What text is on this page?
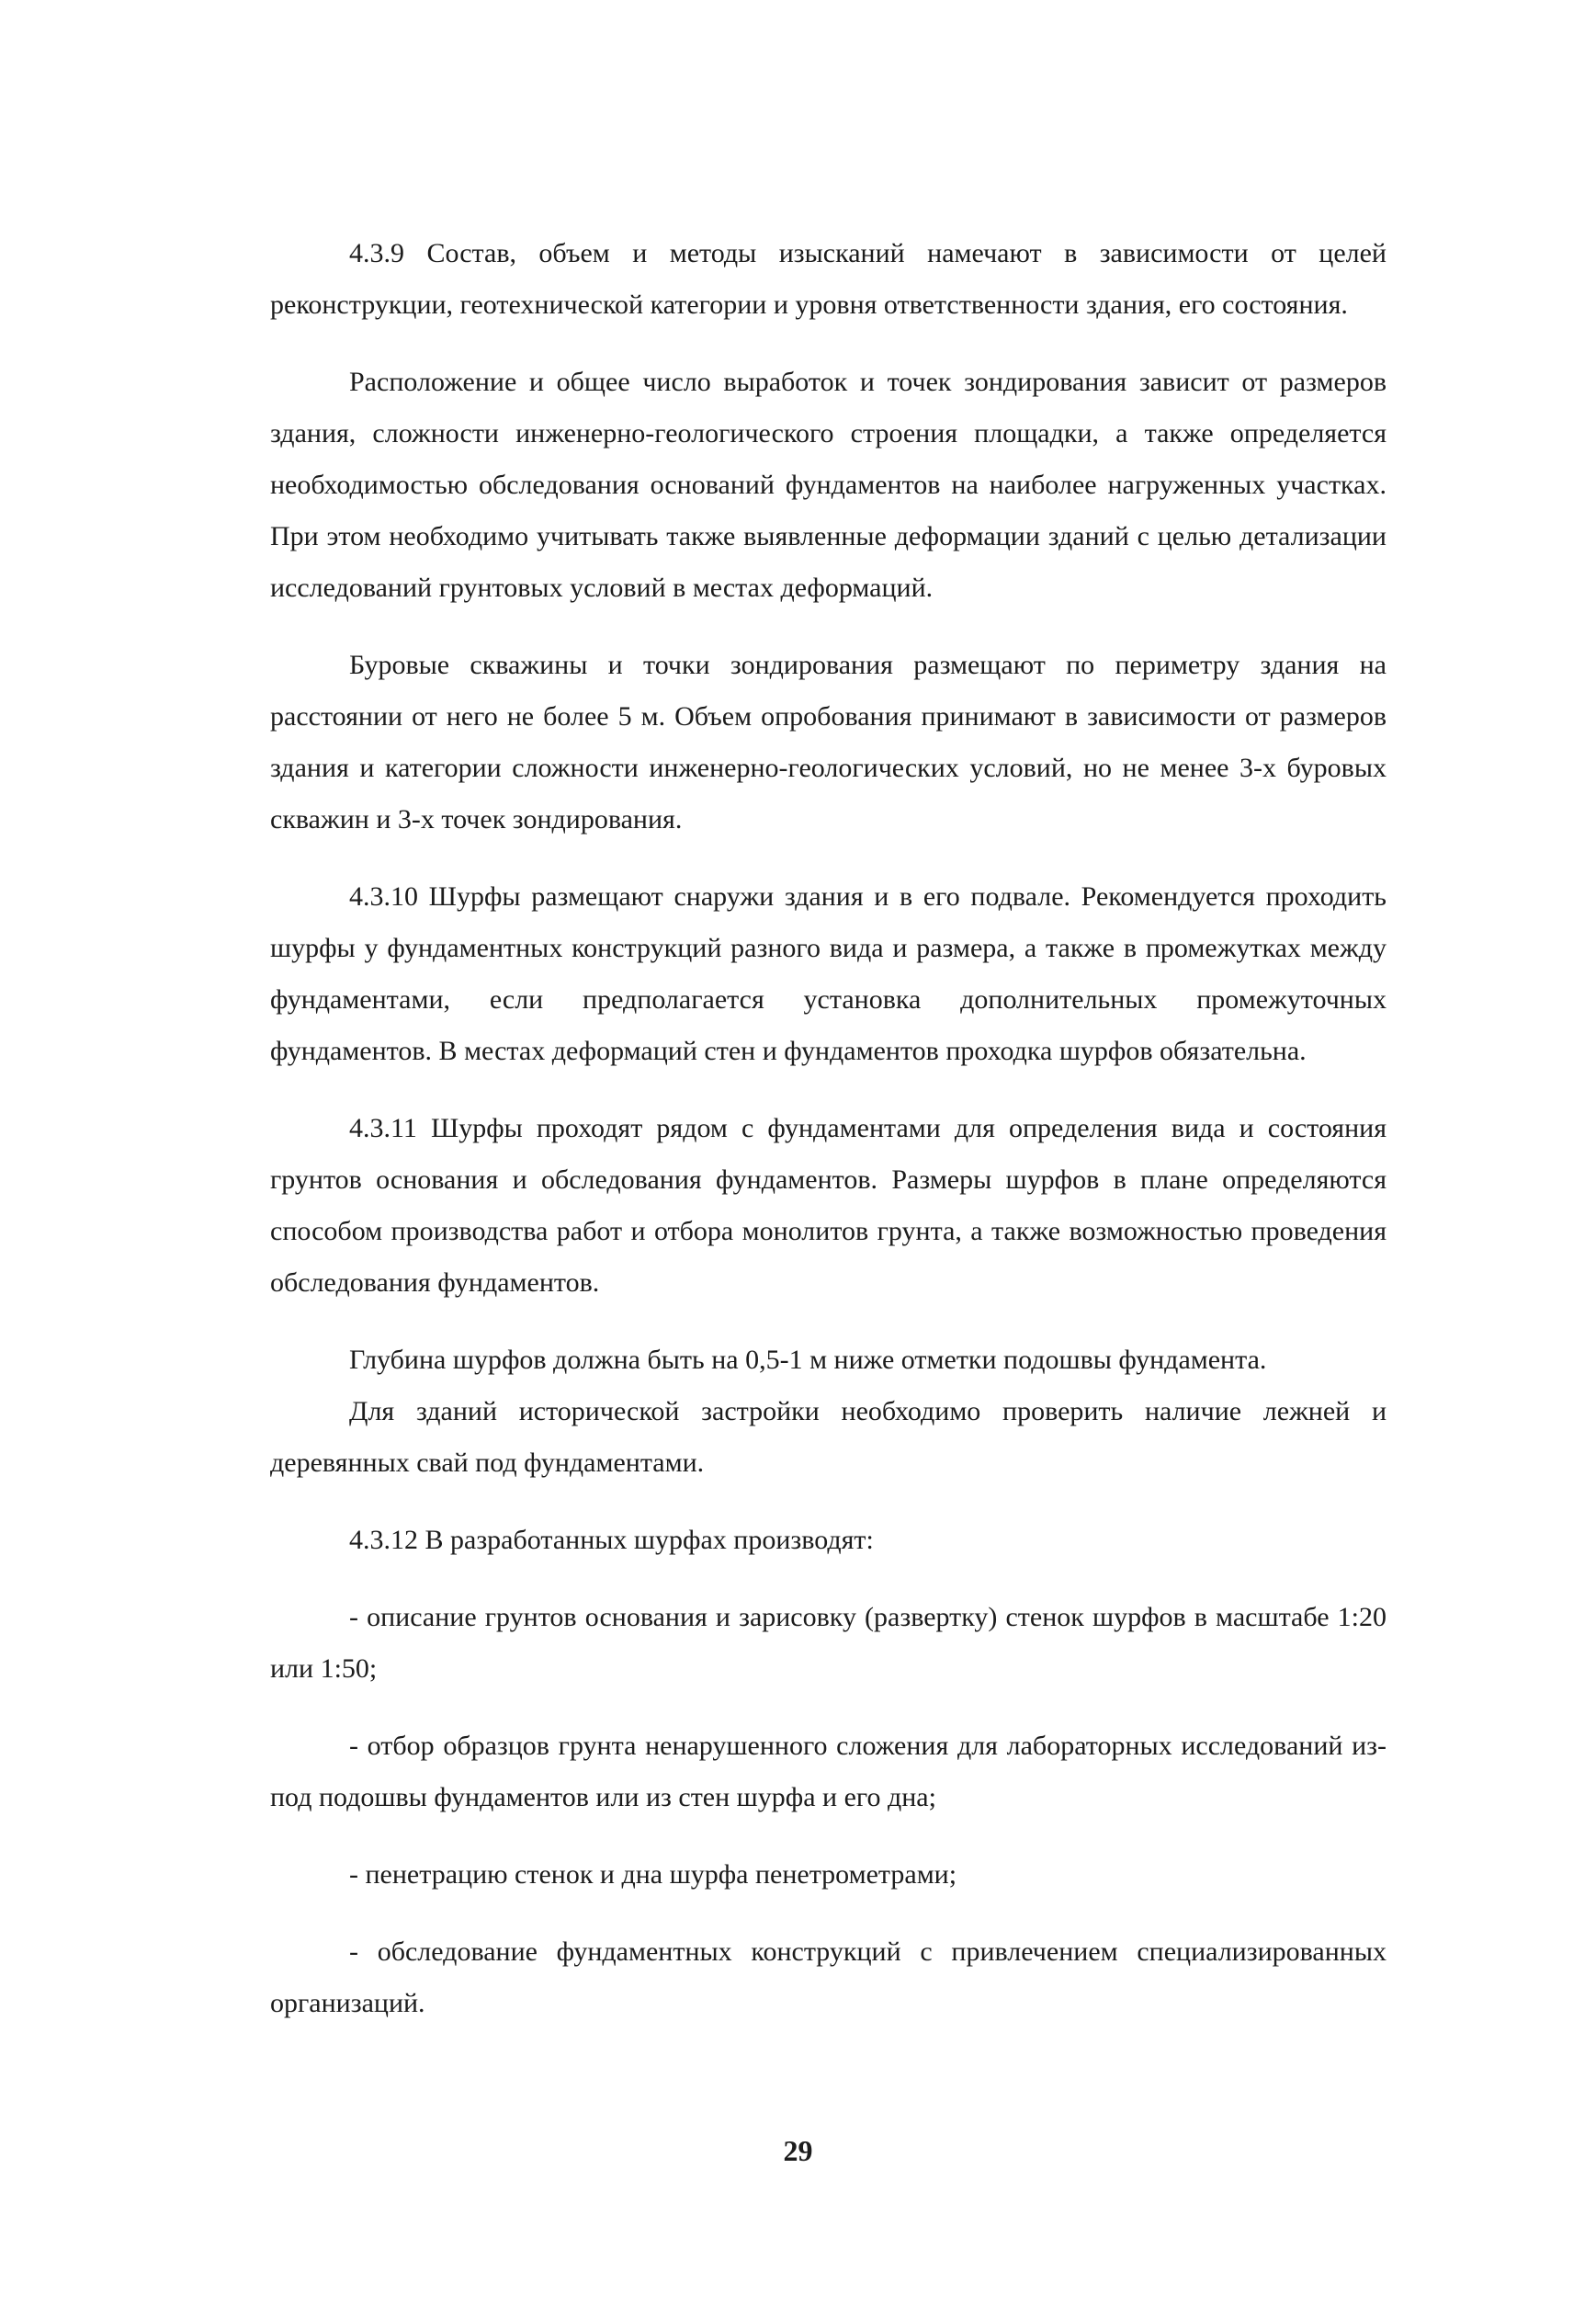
4.3.9 Состав, объем и методы изысканий намечают в зависимости от целей реконструкции, геотехнической категории и уровня ответственности здания, его состояния.

Расположение и общее число выработок и точек зондирования зависит от размеров здания, сложности инженерно-геологического строения площадки, а также определяется необходимостью обследования оснований фундаментов на наиболее нагруженных участках. При этом необходимо учитывать также выявленные деформации зданий с целью детализации исследований грунтовых условий в местах деформаций.

Буровые скважины и точки зондирования размещают по периметру здания на расстоянии от него не более 5 м. Объем опробования принимают в зависимости от размеров здания и категории сложности инженерно-геологических условий, но не менее 3-х буровых скважин и 3-х точек зондирования.

4.3.10 Шурфы размещают снаружи здания и в его подвале. Рекомендуется проходить шурфы у фундаментных конструкций разного вида и размера, а также в промежутках между фундаментами, если предполагается установка дополнительных промежуточных фундаментов. В местах деформаций стен и фундаментов проходка шурфов обязательна.

4.3.11 Шурфы проходят рядом с фундаментами для определения вида и состояния грунтов основания и обследования фундаментов. Размеры шурфов в плане определяются способом производства работ и отбора монолитов грунта, а также возможностью проведения обследования фундаментов.

Глубина шурфов должна быть на 0,5-1 м ниже отметки подошвы фундамента.

Для зданий исторической застройки необходимо проверить наличие лежней и деревянных свай под фундаментами.

4.3.12 В разработанных шурфах производят:

- описание грунтов основания и зарисовку (развертку) стенок шурфов в масштабе 1:20 или 1:50;

- отбор образцов грунта ненарушенного сложения для лабораторных исследований из-под подошвы фундаментов или из стен шурфа и его дна;

- пенетрацию стенок и дна шурфа пенетрометрами;

- обследование фундаментных конструкций с привлечением специализированных организаций.

29
